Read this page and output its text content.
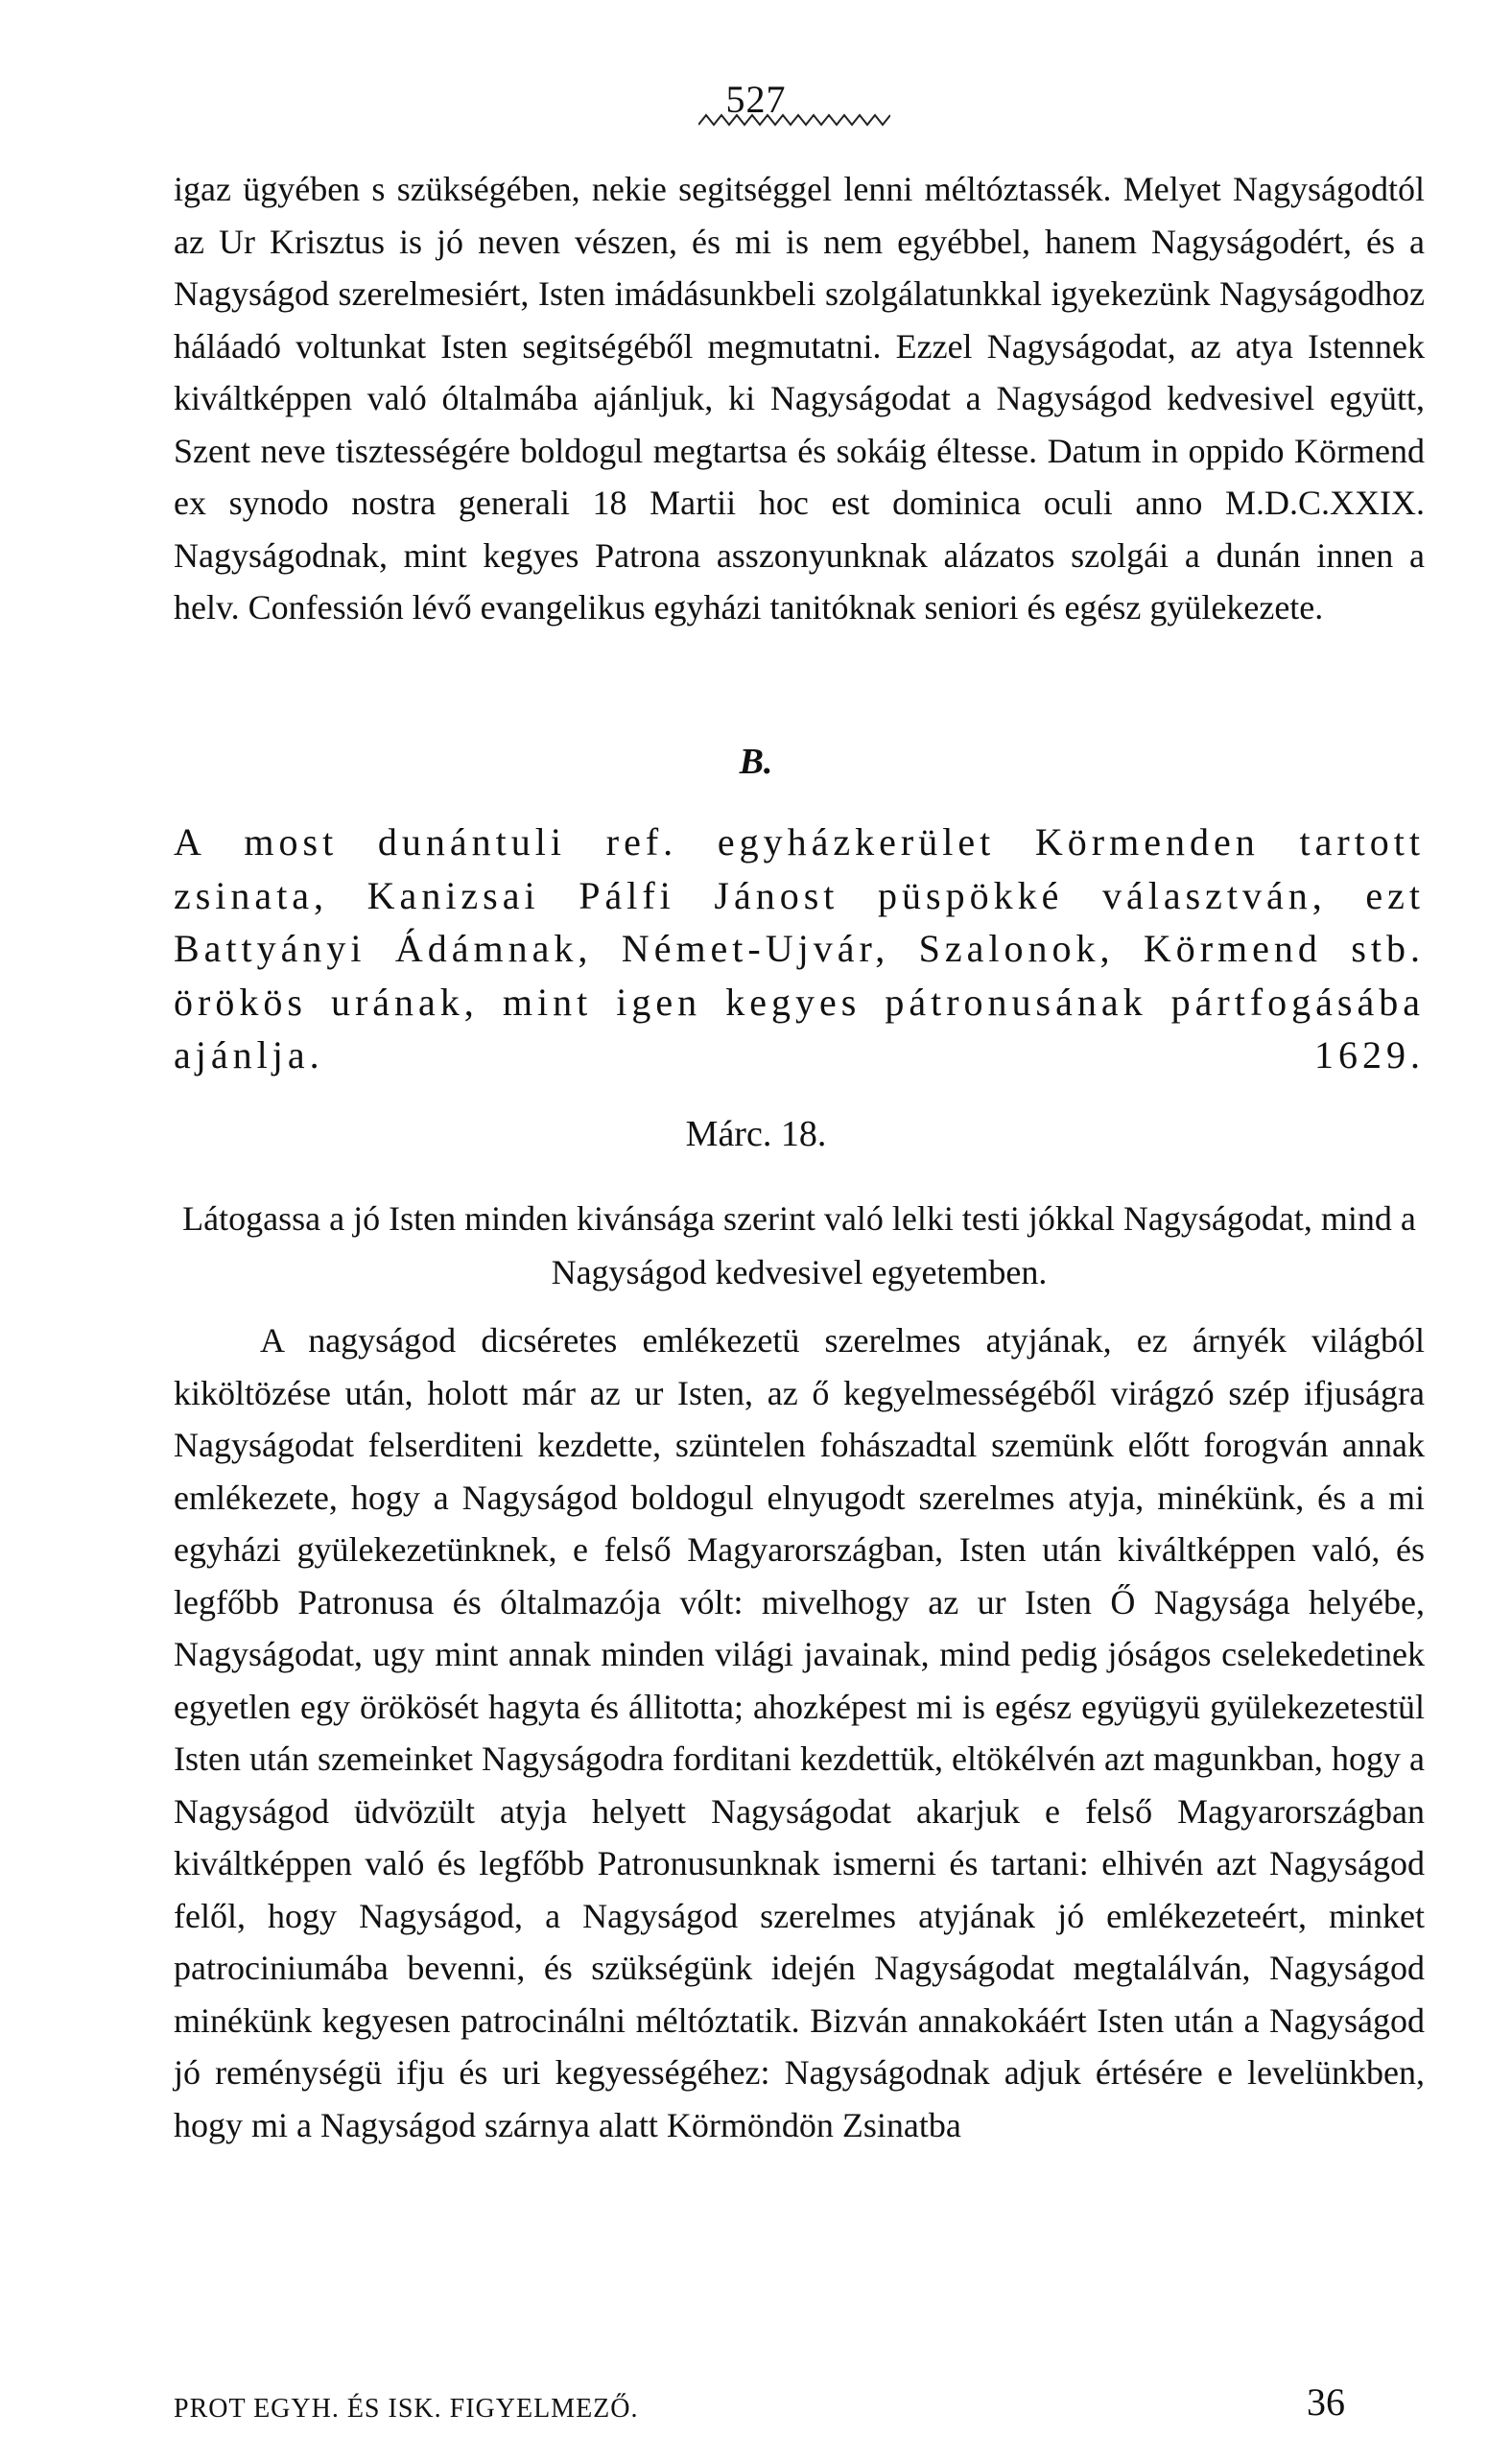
527

igaz ügyében s szükségében, nekie segitséggel lenni méltóztassék. Melyet Nagyságodtól az Ur Krisztus is jó neven vészen, és mi is nem egyébbel, hanem Nagyságodért, és a Nagyságod szerelmesiért, Isten imádásunkbeli szolgálatunkkal igyekezünk Nagyságodhoz háláadó voltunkat Isten segitségéből megmutatni. Ezzel Nagyságodat, az atya Istennek kiváltképpen való óltalmába ajánljuk, ki Nagyságodat a Nagyságod kedvesivel együtt, Szent neve tisztességére boldogul megtartsa és sokáig éltesse. Datum in oppido Körmend ex synodo nostra generali 18 Martii hoc est dominica oculi anno M.D.C.XXIX. Nagyságodnak, mint kegyes Patrona asszonyunknak alázatos szolgái a dunán innen a helv. Confessión lévő evangelikus egyházi tanitóknak seniori és egész gyülekezete.

B.

A most dunántuli ref. egyházkerület Körmenden tartott zsinata, Kanizsai Pálfi Jánost püspökké választván, ezt Battyányi Ádámnak, Német-Ujvár, Szalonok, Körmend stb. örökös urának, mint igen kegyes pátronusának pártfogásába ajánlja. 1629.

Márc. 18.

Látogassa a jó Isten minden kivánsága szerint való lelki testi jókkal Nagyságodat, mind a Nagyságod kedvesivel egyetemben.

A nagyságod dicséretes emlékezetü szerelmes atyjának, ez árnyék világból kiköltözése után, holott már az ur Isten, az ő kegyelmességéből virágzó szép ifjuságra Nagyságodat felserditeni kezdette, szüntelen fohászadtal szemünk előtt forogván annak emlékezete, hogy a Nagyságod boldogul elnyugodt szerelmes atyja, minékünk, és a mi egyházi gyülekezetünknek, e felső Magyarországban, Isten után kiváltképpen való, és legfőbb Patronusa és óltalmazója vólt: mivelhogy az ur Isten Ő Nagysága helyébe, Nagyságodat, ugy mint annak minden világi javainak, mind pedig jóságos cselekedetinek egyetlen egy örökösét hagyta és állitotta; ahozképest mi is egész együgyü gyülekezetestül Isten után szemeinket Nagyságodra forditani kezdettük, eltökélvén azt magunkban, hogy a Nagyságod üdvözült atyja helyett Nagyságodat akarjuk e felső Magyarországban kiváltképpen való és legfőbb Patronusunknak ismerni és tartani: elhivén azt Nagyságod felől, hogy Nagyságod, a Nagyságod szerelmes atyjának jó emlékezeteért, minket patrociniumába bevenni, és szükségünk idején Nagyságodat megtalálván, Nagyságod minékünk kegyesen patrocinálni méltóztatik. Bizván annakokáért Isten után a Nagyságod jó reménységü ifju és uri kegyességéhez: Nagyságodnak adjuk értésére e levelünkben, hogy mi a Nagyságod szárnya alatt Körmöndön Zsinatba

PROT EGYH. ÉS ISK. FIGYELMEZŐ.	36
